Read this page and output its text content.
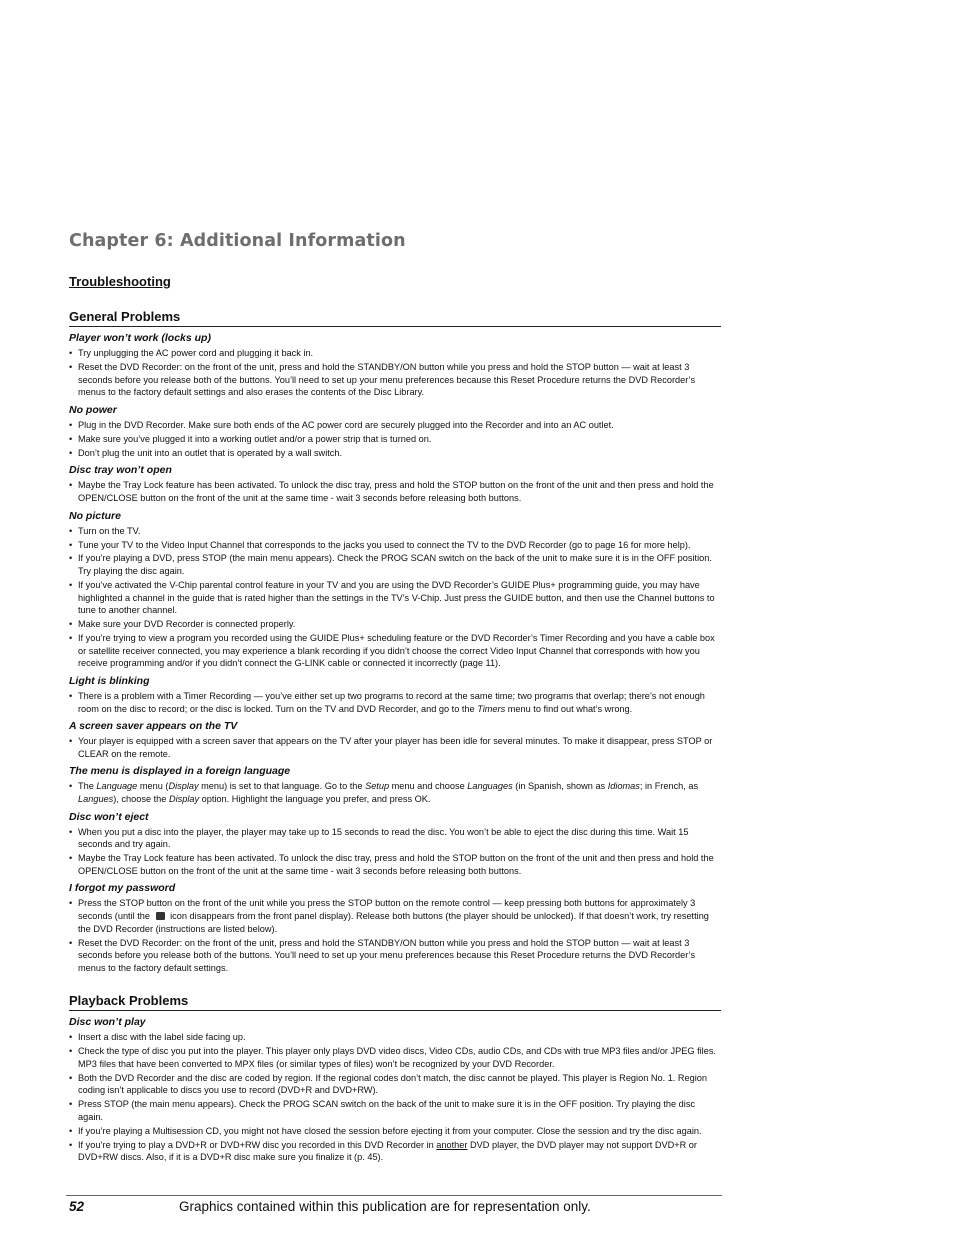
Chapter 6: Additional Information
Troubleshooting
General Problems
Player won’t work (locks up)
• Try unplugging the AC power cord and plugging it back in.
• Reset the DVD Recorder: on the front of the unit, press and hold the STANDBY/ON button while you press and hold the STOP button — wait at least 3 seconds before you release both of the buttons. You’ll need to set up your menu preferences because this Reset Procedure returns the DVD Recorder’s menus to the factory default settings and also erases the contents of the Disc Library.
No power
• Plug in the DVD Recorder. Make sure both ends of the AC power cord are securely plugged into the Recorder and into an AC outlet.
• Make sure you’ve plugged it into a working outlet and/or a power strip that is turned on.
• Don’t plug the unit into an outlet that is operated by a wall switch.
Disc tray won’t open
• Maybe the Tray Lock feature has been activated. To unlock the disc tray, press and hold the STOP button on the front of the unit and then press and hold the OPEN/CLOSE button on the front of the unit at the same time - wait 3 seconds before releasing both buttons.
No picture
• Turn on the TV.
• Tune your TV to the Video Input Channel that corresponds to the jacks you used to connect the TV to the DVD Recorder (go to page 16 for more help).
• If you’re playing a DVD, press STOP (the main menu appears). Check the PROG SCAN switch on the back of the unit to make sure it is in the OFF position. Try playing the disc again.
• If you’ve activated the V-Chip parental control feature in your TV and you are using the DVD Recorder’s GUIDE Plus+ programming guide, you may have highlighted a channel in the guide that is rated higher than the settings in the TV’s V-Chip. Just press the GUIDE button, and then use the Channel buttons to tune to another channel.
• Make sure your DVD Recorder is connected properly.
• If you’re trying to view a program you recorded using the GUIDE Plus+ scheduling feature or the DVD Recorder’s Timer Recording and you have a cable box or satellite receiver connected, you may experience a blank recording if you didn’t choose the correct Video Input Channel that corresponds with how you receive programming and/or if you didn’t connect the G-LINK cable or connected it incorrectly (page 11).
Light is blinking
• There is a problem with a Timer Recording — you’ve either set up two programs to record at the same time; two programs that overlap; there’s not enough room on the disc to record; or the disc is locked. Turn on the TV and DVD Recorder, and go to the Timers menu to find out what’s wrong.
A screen saver appears on the TV
• Your player is equipped with a screen saver that appears on the TV after your player has been idle for several minutes. To make it disappear, press STOP or CLEAR on the remote.
The menu is displayed in a foreign language
• The Language menu (Display menu) is set to that language. Go to the Setup menu and choose Languages (in Spanish, shown as Idiomas; in French, as Langues), choose the Display option. Highlight the language you prefer, and press OK.
Disc won’t eject
• When you put a disc into the player, the player may take up to 15 seconds to read the disc. You won’t be able to eject the disc during this time. Wait 15 seconds and try again.
• Maybe the Tray Lock feature has been activated. To unlock the disc tray, press and hold the STOP button on the front of the unit and then press and hold the OPEN/CLOSE button on the front of the unit at the same time - wait 3 seconds before releasing both buttons.
I forgot my password
• Press the STOP button on the front of the unit while you press the STOP button on the remote control — keep pressing both buttons for approximately 3 seconds (until the  icon disappears from the front panel display). Release both buttons (the player should be unlocked). If that doesn’t work, try resetting the DVD Recorder (instructions are listed below).
• Reset the DVD Recorder: on the front of the unit, press and hold the STANDBY/ON button while you press and hold the STOP button — wait at least 3 seconds before you release both of the buttons. You’ll need to set up your menu preferences because this Reset Procedure returns the DVD Recorder’s menus to the factory default settings.
Playback Problems
Disc won’t play
• Insert a disc with the label side facing up.
• Check the type of disc you put into the player. This player only plays DVD video discs, Video CDs, audio CDs, and CDs with true MP3 files and/or JPEG files. MP3 files that have been converted to MPX files (or similar types of files) won’t be recognized by your DVD Recorder.
• Both the DVD Recorder and the disc are coded by region. If the regional codes don’t match, the disc cannot be played. This player is Region No. 1. Region coding isn’t applicable to discs you use to record (DVD+R and DVD+RW).
• Press STOP (the main menu appears). Check the PROG SCAN switch on the back of the unit to make sure it is in the OFF position. Try playing the disc again.
• If you’re playing a Multisession CD, you might not have closed the session before ejecting it from your computer. Close the session and try the disc again.
• If you’re trying to play a DVD+R or DVD+RW disc you recorded in this DVD Recorder in another DVD player, the DVD player may not support DVD+R or DVD+RW discs. Also, if it is a DVD+R disc make sure you finalize it (p. 45).
52	Graphics contained within this publication are for representation only.
